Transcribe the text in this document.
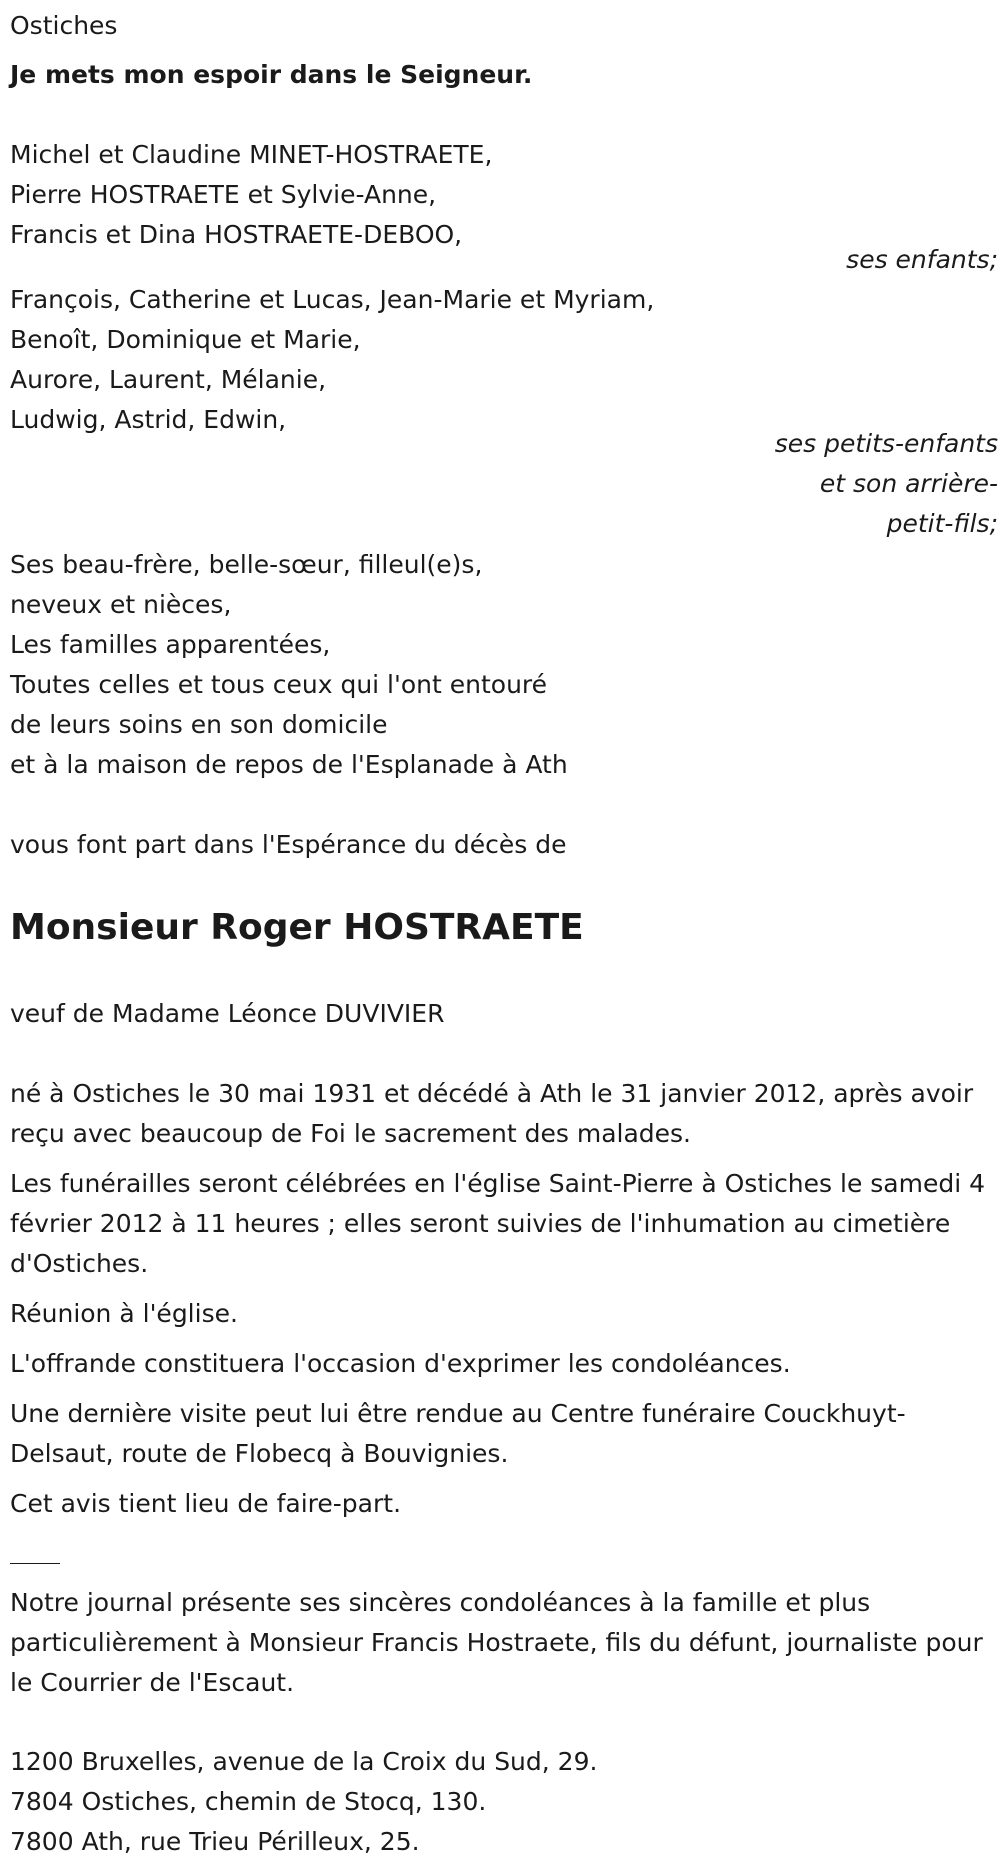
Ostiches

Je mets mon espoir dans le Seigneur.

Michel et Claudine MINET-HOSTRAETE,

Pierre HOSTRAETE et Sylvie-Anne,

Francis et Dina HOSTRAETE-DEBOO,

ses enfants;

François, Catherine et Lucas, Jean-Marie et Myriam,

Benoît, Dominique et Marie,

Aurore, Laurent, Mélanie,

Ludwig, Astrid, Edwin,

ses petits-enfants

et son arrière-

petit-fils;

Ses beau-frère, belle-sœur, filleul(e)s,

neveux et nièces,

Les familles apparentées,

Toutes celles et tous ceux qui l'ont entouré

de leurs soins en son domicile

et à la maison de repos de l'Esplanade à Ath

vous font part dans l'Espérance du décès de

Monsieur Roger HOSTRAETE

veuf de Madame Léonce DUVIVIER

né à Ostiches le 30 mai 1931 et décédé à Ath le 31 janvier 2012, après avoir reçu avec beaucoup de Foi le sacrement des malades.

Les funérailles seront célébrées en l'église Saint-Pierre à Ostiches le samedi 4 février 2012 à 11 heures ; elles seront suivies de l'inhumation au cimetière d'Ostiches.

Réunion à l'église.

L'offrande constituera l'occasion d'exprimer les condoléances.

Une dernière visite peut lui être rendue au Centre funéraire Couckhuyt-Delsaut, route de Flobecq à Bouvignies.

Cet avis tient lieu de faire-part.

Notre journal présente ses sincères condoléances à la famille et plus particulièrement à Monsieur Francis Hostraete, fils du défunt, journaliste pour le Courrier de l'Escaut.

1200 Bruxelles, avenue de la Croix du Sud, 29.

7804 Ostiches, chemin de Stocq, 130.

7800 Ath, rue Trieu Périlleux, 25.
